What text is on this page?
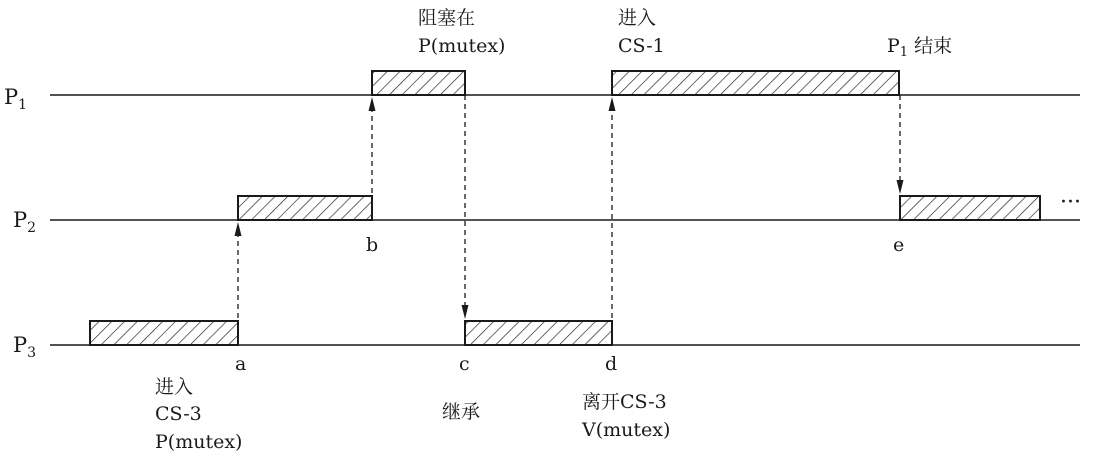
$P_1$
$P_2$
$P_3$	a
b
c	d
e
进入 CS-3 P(mutex)
阻塞在 P(mutex)
继承	离开CS-3 V(mutex)
进入 CS-1	$P_1$ 结束
···
